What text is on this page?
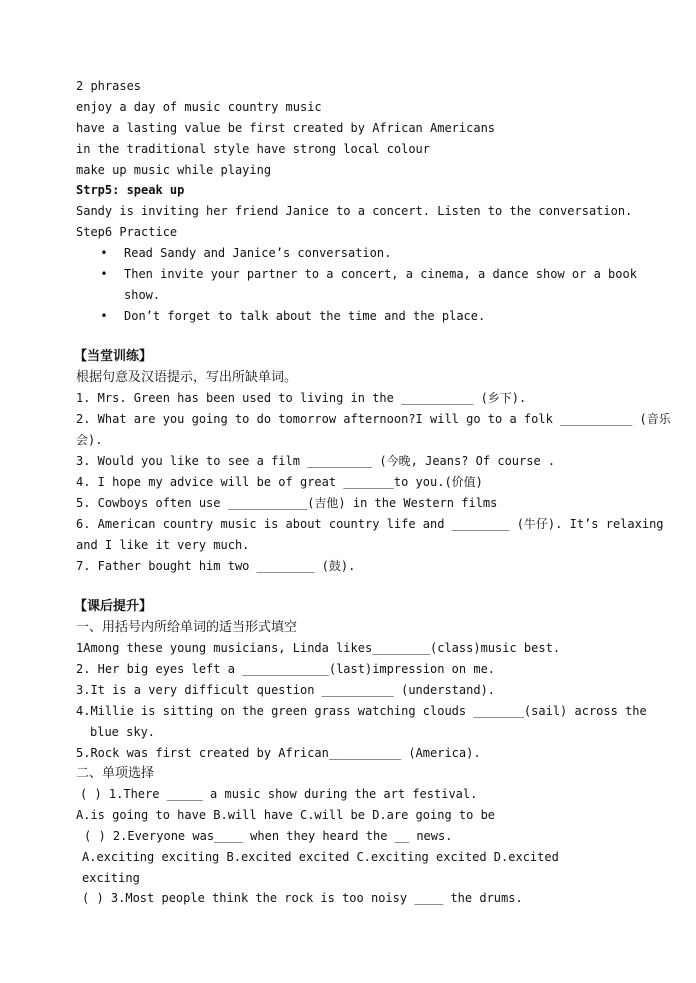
2 phrases
enjoy a day of music country music
have a lasting value be first created by African Americans
in the traditional style have strong local colour
make up music while playing
Strp5: speak up
Sandy is inviting her friend Janice to a concert. Listen to the conversation.
Step6 Practice
•
Read Sandy and Janice’s conversation.
•
Then invite your partner to a concert, a cinema, a dance show or a book
show.
•
Don’t forget to talk about the time and the place.
【当堂训练】
根据句意及汉语提示，写出所缺单词。
1. Mrs. Green has been used to living in the __________ (乡下).
2. What are you going to do tomorrow afternoon?I will go to a folk __________ (音乐
会).
3. Would you like to see a film _________ (今晚, Jeans? Of course .
4. I hope my advice will be of great _______to you.(价值)
5. Cowboys often use ___________(吉他) in the Western films
6. American country music is about country life and ________ (牛仔). It’s relaxing
and I like it very much.
7. Father bought him two ________ (鼓).
【课后提升】
一、用括号内所给单词的适当形式填空
1Among these young musicians, Linda likes________(class)music best.
2. Her big eyes left a ____________(last)impression on me.
3.It is a very difficult question __________ (understand).
4.Millie is sitting on the green grass watching clouds _______(sail) across the
blue sky.
5.Rock was first created by African__________ (America).
二、单项选择
( ) 1.There _____ a music show during the art festival.
A.is going to have B.will have C.will be D.are going to be
( ) 2.Everyone was____ when they heard the __ news.
A.exciting exciting B.excited excited C.exciting excited D.excited
exciting
( ) 3.Most people think the rock is too noisy ____ the drums.
